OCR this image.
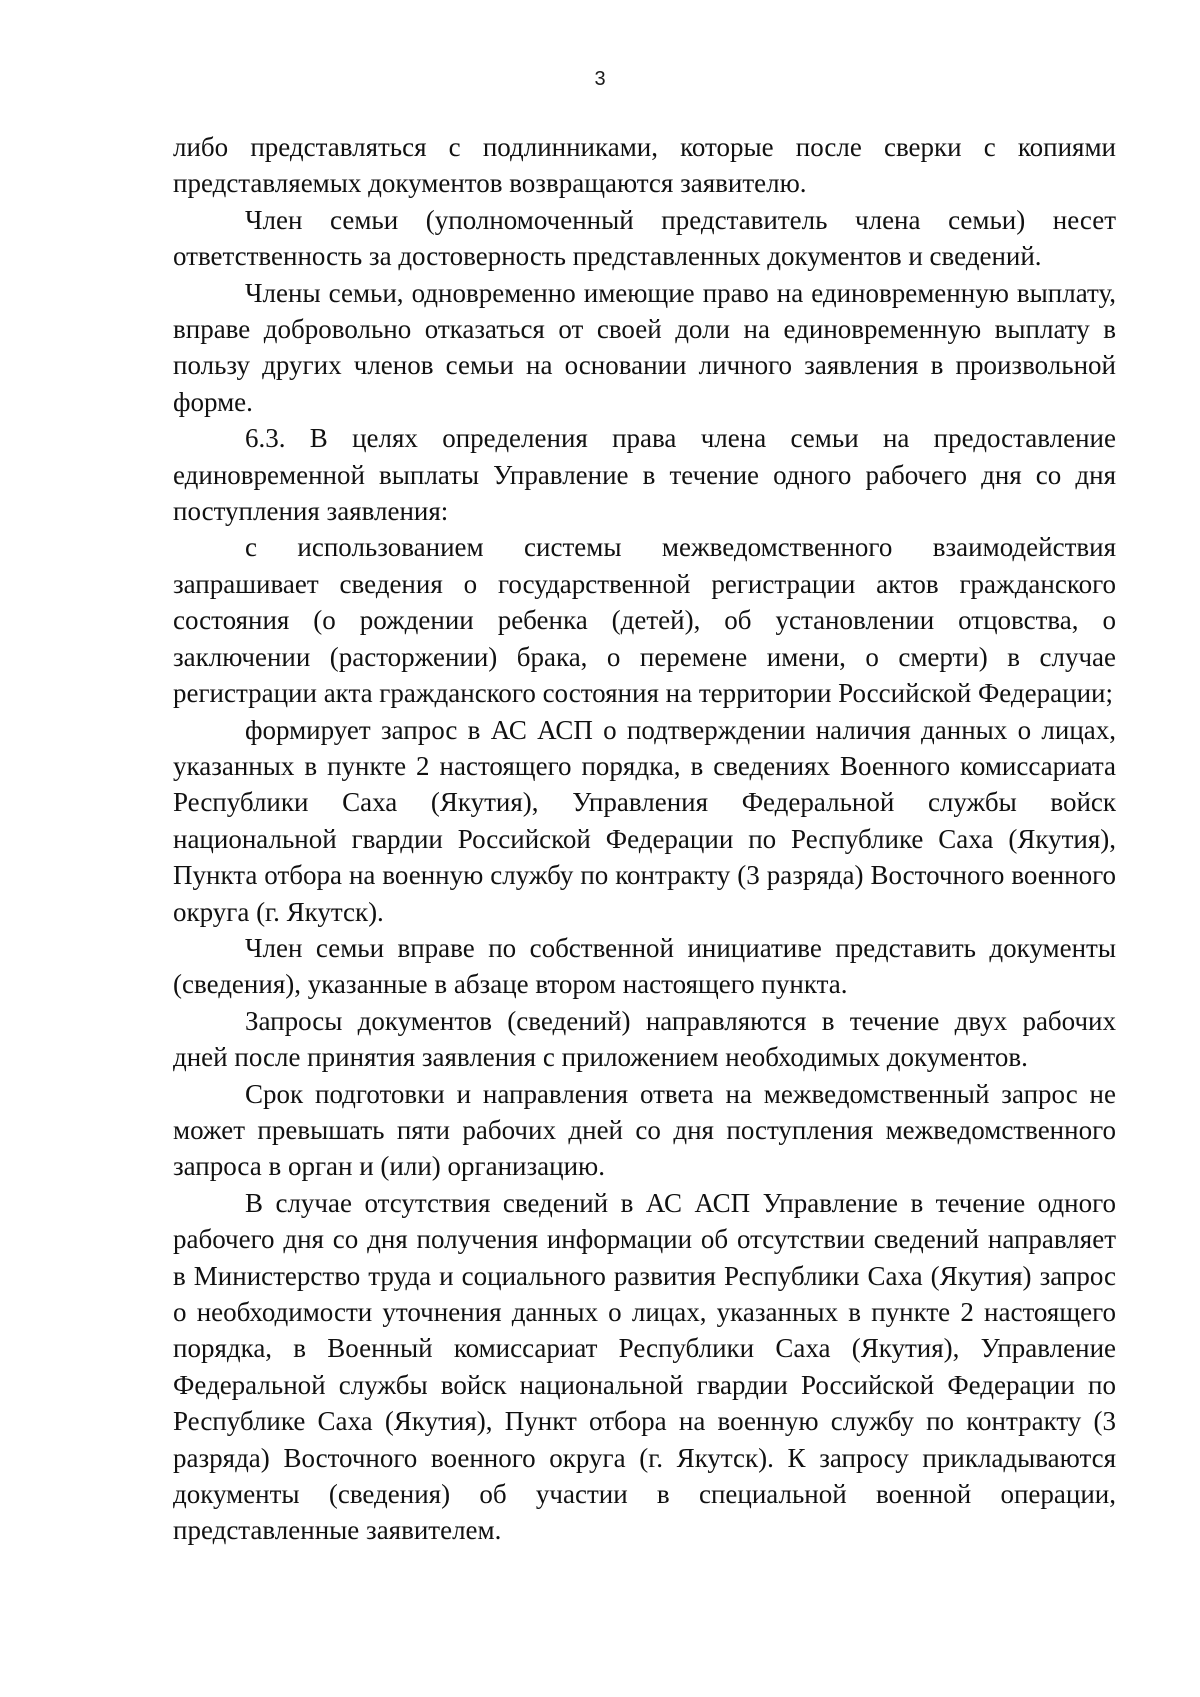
3

либо представляться с подлинниками, которые после сверки с копиями представляемых документов возвращаются заявителю.

Член семьи (уполномоченный представитель члена семьи) несет ответственность за достоверность представленных документов и сведений.

Члены семьи, одновременно имеющие право на единовременную выплату, вправе добровольно отказаться от своей доли на единовременную выплату в пользу других членов семьи на основании личного заявления в произвольной форме.

6.3. В целях определения права члена семьи на предоставление единовременной выплаты Управление в течение одного рабочего дня со дня поступления заявления:

с использованием системы межведомственного взаимодействия запрашивает сведения о государственной регистрации актов гражданского состояния (о рождении ребенка (детей), об установлении отцовства, о заключении (расторжении) брака, о перемене имени, о смерти) в случае регистрации акта гражданского состояния на территории Российской Федерации;

формирует запрос в АС АСП о подтверждении наличия данных о лицах, указанных в пункте 2 настоящего порядка, в сведениях Военного комиссариата Республики Саха (Якутия), Управления Федеральной службы войск национальной гвардии Российской Федерации по Республике Саха (Якутия), Пункта отбора на военную службу по контракту (3 разряда) Восточного военного округа (г. Якутск).

Член семьи вправе по собственной инициативе представить документы (сведения), указанные в абзаце втором настоящего пункта.

Запросы документов (сведений) направляются в течение двух рабочих дней после принятия заявления с приложением необходимых документов.

Срок подготовки и направления ответа на межведомственный запрос не может превышать пяти рабочих дней со дня поступления межведомственного запроса в орган и (или) организацию.

В случае отсутствия сведений в АС АСП Управление в течение одного рабочего дня со дня получения информации об отсутствии сведений направляет в Министерство труда и социального развития Республики Саха (Якутия) запрос о необходимости уточнения данных о лицах, указанных в пункте 2 настоящего порядка, в Военный комиссариат Республики Саха (Якутия), Управление Федеральной службы войск национальной гвардии Российской Федерации по Республике Саха (Якутия), Пункт отбора на военную службу по контракту (3 разряда) Восточного военного округа (г. Якутск). К запросу прикладываются документы (сведения) об участии в специальной военной операции, представленные заявителем.
